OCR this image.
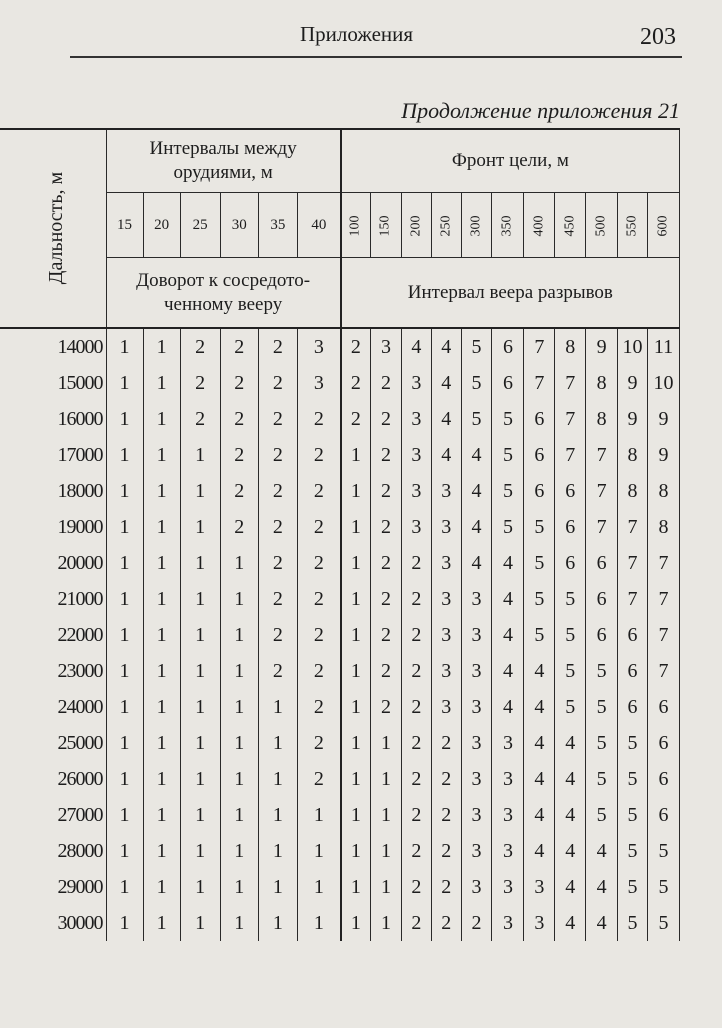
Приложения	203
Продолжение приложения 21
Дальность, м	Интервалы между орудиями, м						Фронт цели, м										
	15	20	25	30	35	40	100	150	200	250	300	350	400	450	500	550	600
	Доворот к сосредото-ченному вееру						Интервал веера разрывов										
14000	1	1	2	2	2	3	2	3	4	4	5	6	7	8	9	10	11
15000	1	1	2	2	2	3	2	2	3	4	5	6	7	7	8	9	10
16000	1	1	2	2	2	2	2	2	3	4	5	5	6	7	8	9	9
17000	1	1	1	2	2	2	1	2	3	4	4	5	6	7	7	8	9
18000	1	1	1	2	2	2	1	2	3	3	4	5	6	6	7	8	8
19000	1	1	1	2	2	2	1	2	3	3	4	5	5	6	7	7	8
20000	1	1	1	1	2	2	1	2	2	3	4	4	5	6	6	7	7
21000	1	1	1	1	2	2	1	2	2	3	3	4	5	5	6	7	7
22000	1	1	1	1	2	2	1	2	2	3	3	4	5	5	6	6	7
23000	1	1	1	1	2	2	1	2	2	3	3	4	4	5	5	6	7
24000	1	1	1	1	1	2	1	2	2	3	3	4	4	5	5	6	6
25000	1	1	1	1	1	2	1	1	2	2	3	3	4	4	5	5	6
26000	1	1	1	1	1	2	1	1	2	2	3	3	4	4	5	5	6
27000	1	1	1	1	1	1	1	1	2	2	3	3	4	4	5	5	6
28000	1	1	1	1	1	1	1	1	2	2	3	3	4	4	4	5	5
29000	1	1	1	1	1	1	1	1	2	2	3	3	3	4	4	5	5
30000	1	1	1	1	1	1	1	1	2	2	2	3	3	4	4	5	5
